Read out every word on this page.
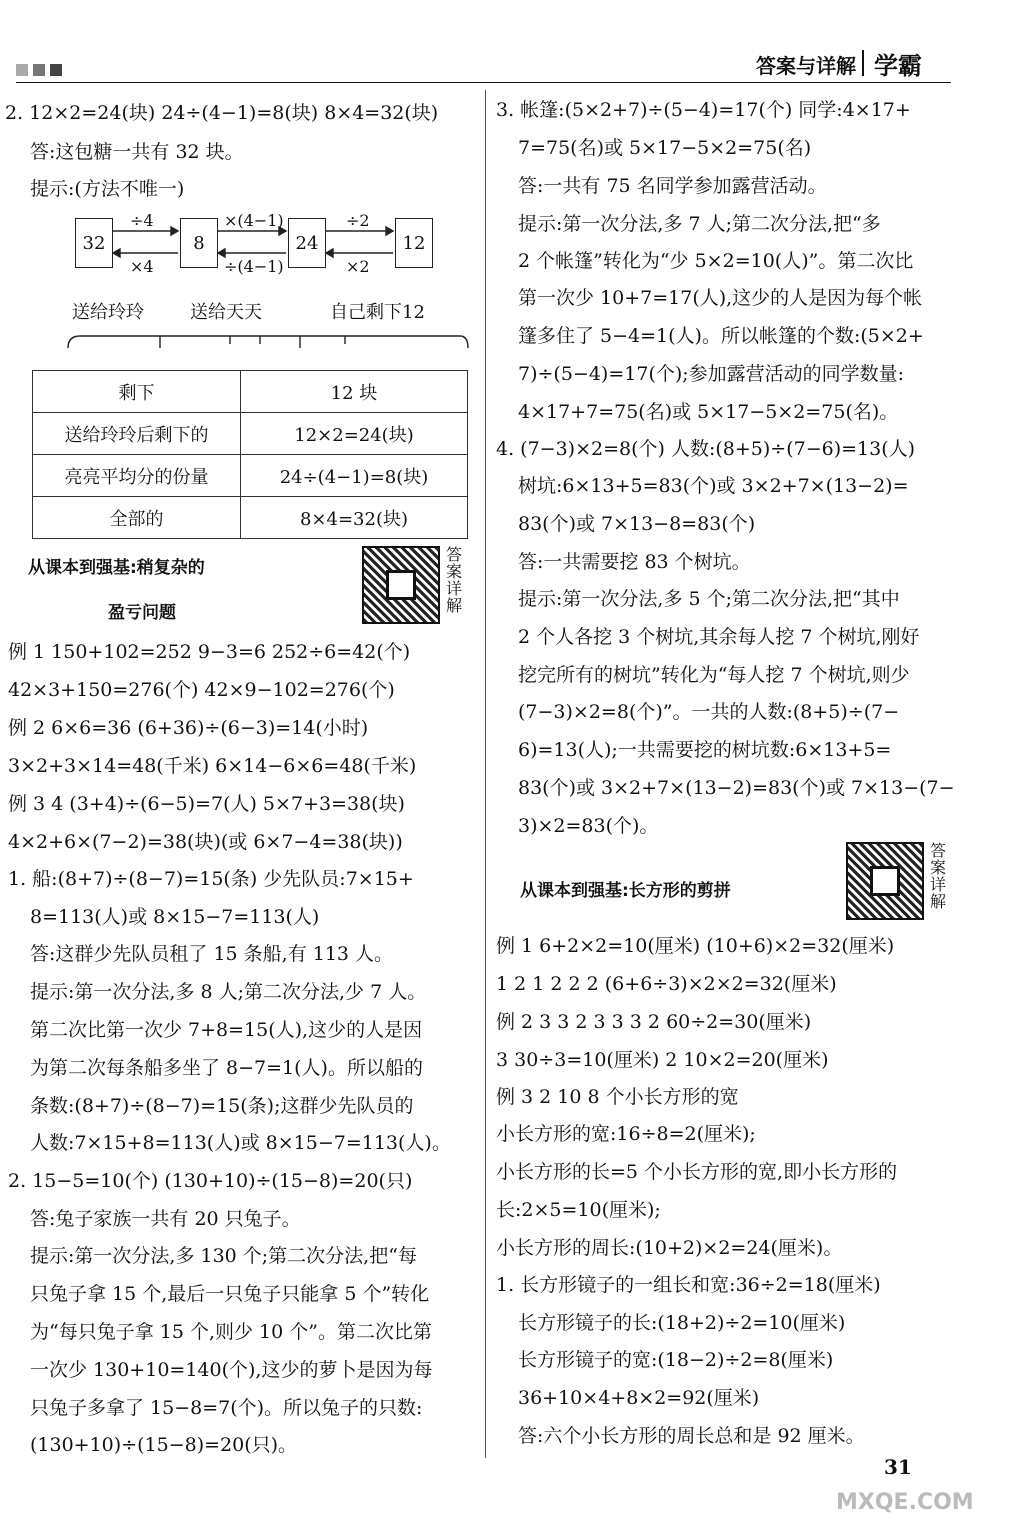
答案与详解 学霸
2. 12×2=24(块) 24÷(4−1)=8(块) 8×4=32(块)
答:这包糖一共有 32 块。
提示:(方法不唯一)
例 1 150+102=252 9−3=6 252÷6=42(个)
42×3+150=276(个) 42×9−102=276(个)
例 2 6×6=36 (6+36)÷(6−3)=14(小时)
3×2+3×14=48(千米) 6×14−6×6=48(千米)
例 3 4 (3+4)÷(6−5)=7(人) 5×7+3=38(块)
4×2+6×(7−2)=38(块)(或 6×7−4=38(块))
1. 船:(8+7)÷(8−7)=15(条) 少先队员:7×15+
8=113(人)或 8×15−7=113(人)
答:这群少先队员租了 15 条船,有 113 人。
提示:第一次分法,多 8 人;第二次分法,少 7 人。
第二次比第一次少 7+8=15(人),这少的人是因
为第二次每条船多坐了 8−7=1(人)。所以船的
条数:(8+7)÷(8−7)=15(条);这群少先队员的
人数:7×15+8=113(人)或 8×15−7=113(人)。
2. 15−5=10(个) (130+10)÷(15−8)=20(只)
答:兔子家族一共有 20 只兔子。
提示:第一次分法,多 130 个;第二次分法,把“每
只兔子拿 15 个,最后一只兔子只能拿 5 个”转化
为“每只兔子拿 15 个,则少 10 个”。第二次比第
一次少 130+10=140(个),这少的萝卜是因为每
只兔子多拿了 15−8=7(个)。所以兔子的只数:
(130+10)÷(15−8)=20(只)。
32	8	24	12
÷4	×(4−1)	÷2
×4	÷(4−1)	×2
送给玲玲	送给天天	自己剩下12
剩下	12 块
送给玲玲后剩下的	12×2=24(块)
亮亮平均分的份量	24÷(4−1)=8(块)
全部的	8×4=32(块)
从课本到强基:稍复杂的
盈亏问题
答案详解
3. 帐篷:(5×2+7)÷(5−4)=17(个) 同学:4×17+
7=75(名)或 5×17−5×2=75(名)
答:一共有 75 名同学参加露营活动。
提示:第一次分法,多 7 人;第二次分法,把“多
2 个帐篷”转化为“少 5×2=10(人)”。第二次比
第一次少 10+7=17(人),这少的人是因为每个帐
篷多住了 5−4=1(人)。所以帐篷的个数:(5×2+
7)÷(5−4)=17(个);参加露营活动的同学数量:
4×17+7=75(名)或 5×17−5×2=75(名)。
4. (7−3)×2=8(个) 人数:(8+5)÷(7−6)=13(人)
树坑:6×13+5=83(个)或 3×2+7×(13−2)=
83(个)或 7×13−8=83(个)
答:一共需要挖 83 个树坑。
提示:第一次分法,多 5 个;第二次分法,把“其中
2 个人各挖 3 个树坑,其余每人挖 7 个树坑,刚好
挖完所有的树坑”转化为“每人挖 7 个树坑,则少
(7−3)×2=8(个)”。一共的人数:(8+5)÷(7−
6)=13(人);一共需要挖的树坑数:6×13+5=
83(个)或 3×2+7×(13−2)=83(个)或 7×13−(7−
3)×2=83(个)。
例 1 6+2×2=10(厘米) (10+6)×2=32(厘米)
1 2 1 2 2 2 (6+6÷3)×2×2=32(厘米)
例 2 3 3 2 3 3 3 2 60÷2=30(厘米)
3 30÷3=10(厘米) 2 10×2=20(厘米)
例 3 2 10 8 个小长方形的宽
小长方形的宽:16÷8=2(厘米);
小长方形的长=5 个小长方形的宽,即小长方形的
长:2×5=10(厘米);
小长方形的周长:(10+2)×2=24(厘米)。
1. 长方形镜子的一组长和宽:36÷2=18(厘米)
长方形镜子的长:(18+2)÷2=10(厘米)
长方形镜子的宽:(18−2)÷2=8(厘米)
36+10×4+8×2=92(厘米)
答:六个小长方形的周长总和是 92 厘米。
从课本到强基:长方形的剪拼
答案详解
31
MXQE.COM
